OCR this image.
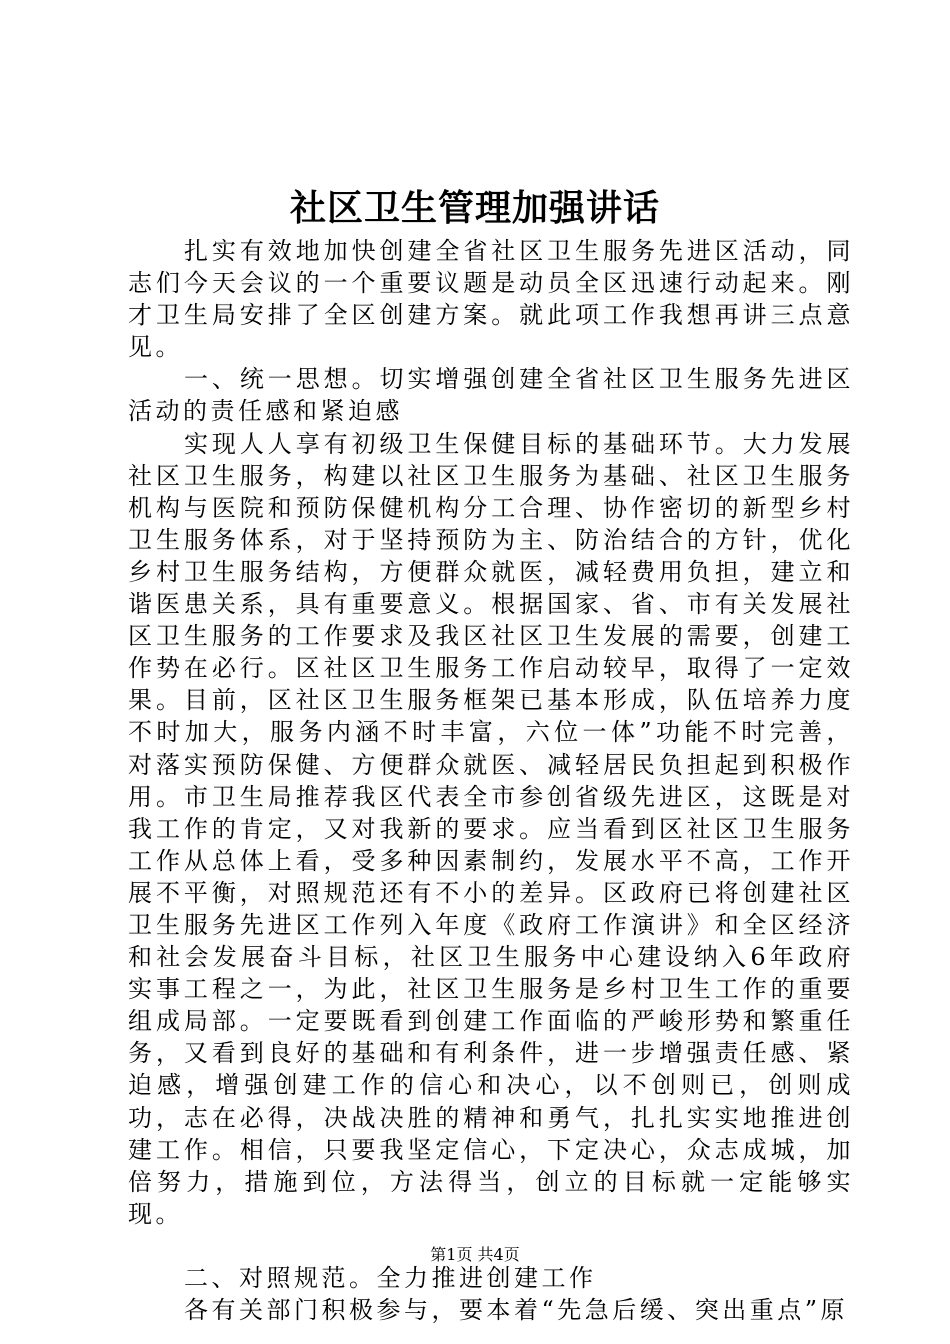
社区卫生管理加强讲话

扎实有效地加快创建全省社区卫生服务先进区活动，同志们今天会议的一个重要议题是动员全区迅速行动起来。刚才卫生局安排了全区创建方案。就此项工作我想再讲三点意见。

一、统一思想。切实增强创建全省社区卫生服务先进区活动的责任感和紧迫感

实现人人享有初级卫生保健目标的基础环节。大力发展社区卫生服务，构建以社区卫生服务为基础、社区卫生服务机构与医院和预防保健机构分工合理、协作密切的新型乡村卫生服务体系，对于坚持预防为主、防治结合的方针，优化乡村卫生服务结构，方便群众就医，减轻费用负担，建立和谐医患关系，具有重要意义。根据国家、省、市有关发展社区卫生服务的工作要求及我区社区卫生发展的需要，创建工作势在必行。区社区卫生服务工作启动较早，取得了一定效果。目前，区社区卫生服务框架已基本形成，队伍培养力度不时加大，服务内涵不时丰富，六位一体”功能不时完善，对落实预防保健、方便群众就医、减轻居民负担起到积极作用。市卫生局推荐我区代表全市参创省级先进区，这既是对我工作的肯定，又对我新的要求。应当看到区社区卫生服务工作从总体上看，受多种因素制约，发展水平不高，工作开展不平衡，对照规范还有不小的差异。区政府已将创建社区卫生服务先进区工作列入年度《政府工作演讲》和全区经济和社会发展奋斗目标，社区卫生服务中心建设纳入6年政府实事工程之一，为此，社区卫生服务是乡村卫生工作的重要组成局部。一定要既看到创建工作面临的严峻形势和繁重任务，又看到良好的基础和有利条件，进一步增强责任感、紧迫感，增强创建工作的信心和决心，以不创则已，创则成功，志在必得，决战决胜的精神和勇气，扎扎实实地推进创建工作。相信，只要我坚定信心，下定决心，众志成城，加倍努力，措施到位，方法得当，创立的目标就一定能够实现。

二、对照规范。全力推进创建工作

各有关部门积极参与，要本着“先急后缓、突出重点”原

第1页 共4页
